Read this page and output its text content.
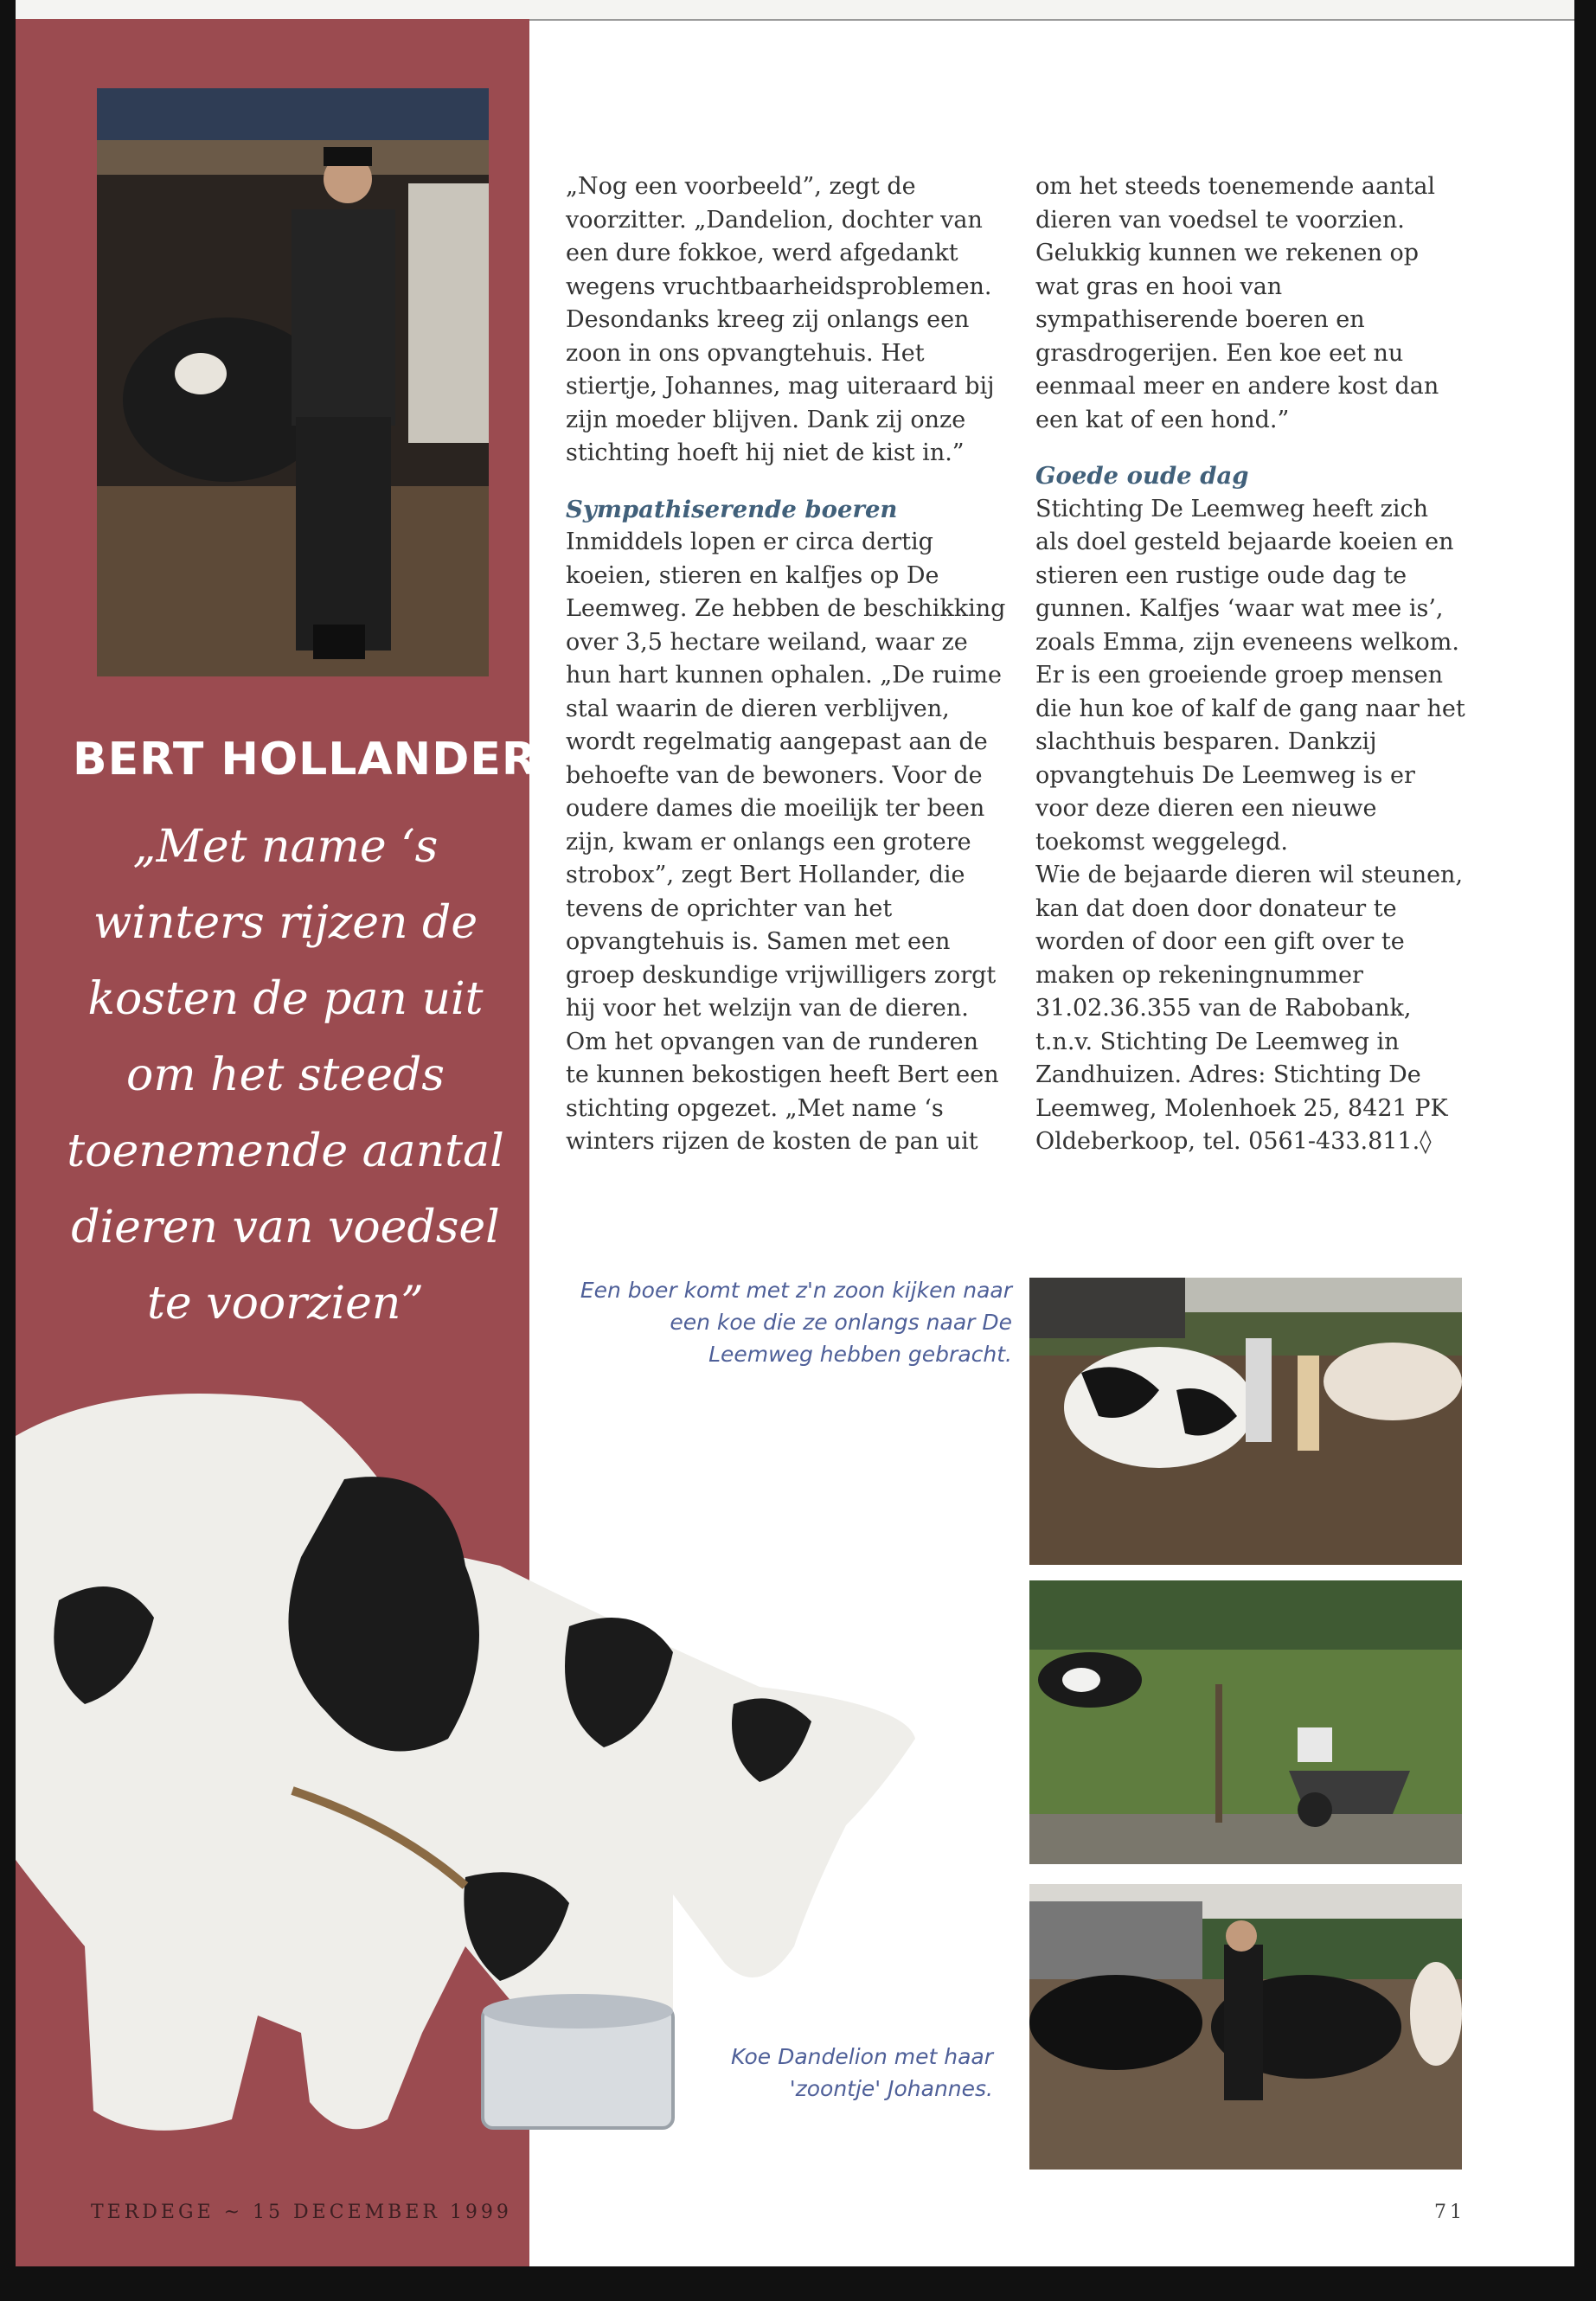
BERT HOLLANDER:
„Met name ‘s winters rijzen de kosten de pan uit om het steeds toenemende aantal dieren van voedsel te voorzien”

„Nog een voorbeeld”, zegt de voorzitter. „Dandelion, dochter van een dure fokkoe, werd afgedankt wegens vruchtbaarheidsproblemen. Desondanks kreeg zij onlangs een zoon in ons opvangtehuis. Het stiertje, Johannes, mag uiteraard bij zijn moeder blijven. Dank zij onze stichting hoeft hij niet de kist in.”

Sympathiserende boeren

Inmiddels lopen er circa dertig koeien, stieren en kalfjes op De Leemweg. Ze hebben de beschikking over 3,5 hectare weiland, waar ze hun hart kunnen ophalen. „De ruime stal waarin de dieren verblijven, wordt regelmatig aangepast aan de behoefte van de bewoners. Voor de oudere dames die moeilijk ter been zijn, kwam er onlangs een grotere strobox”, zegt Bert Hollander, die tevens de oprichter van het opvangtehuis is. Samen met een groep deskundige vrijwilligers zorgt hij voor het welzijn van de dieren. Om het opvangen van de runderen te kunnen bekostigen heeft Bert een stichting opgezet. „Met name ‘s winters rijzen de kosten de pan uit

om het steeds toenemende aantal dieren van voedsel te voorzien. Gelukkig kunnen we rekenen op wat gras en hooi van sympathiserende boeren en grasdrogerijen. Een koe eet nu eenmaal meer en andere kost dan een kat of een hond.”

Goede oude dag

Stichting De Leemweg heeft zich als doel gesteld bejaarde koeien en stieren een rustige oude dag te gunnen. Kalfjes ‘waar wat mee is’, zoals Emma, zijn eveneens welkom. Er is een groeiende groep mensen die hun koe of kalf de gang naar het slachthuis besparen. Dankzij opvangtehuis De Leemweg is er voor deze dieren een nieuwe toekomst weggelegd.

Wie de bejaarde dieren wil steunen, kan dat doen door donateur te worden of door een gift over te maken op rekeningnummer 31.02.36.355 van de Rabobank, t.n.v. Stichting De Leemweg in Zandhuizen. Adres: Stichting De Leemweg, Molenhoek 25, 8421 PK Oldeberkoop, tel. 0561-433.811.◊

Een boer komt met z'n zoon kijken naar een koe die ze onlangs naar De Leemweg hebben gebracht.
Koe Dandelion met haar 'zoontje' Johannes.
TERDEGE ~ 15 DECEMBER 1999	71
